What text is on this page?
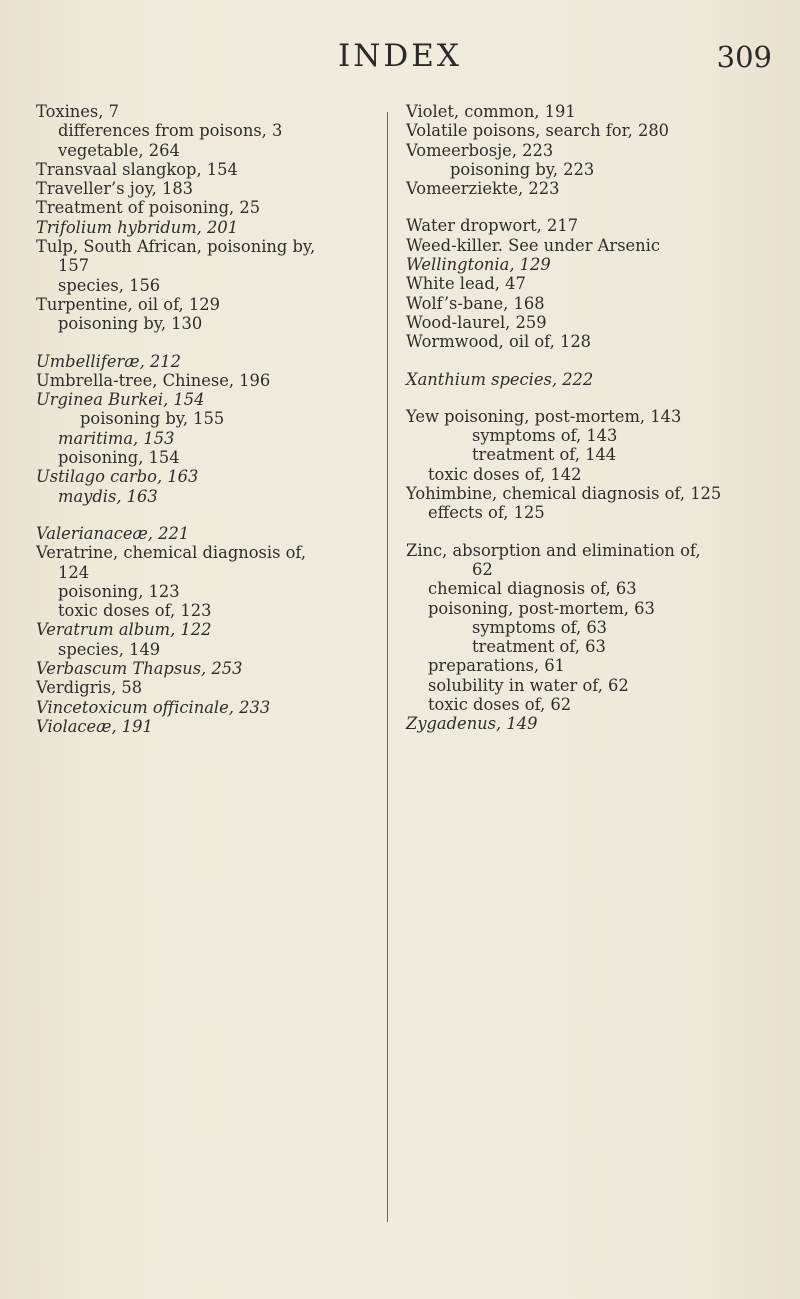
INDEX	309
Toxines, 7
differences from poisons, 3
vegetable, 264
Transvaal slangkop, 154
Traveller’s joy, 183
Treatment of poisoning, 25
Trifolium hybridum, 201
Tulp, South African, poisoning by,
157
species, 156
Turpentine, oil of, 129
poisoning by, 130
Umbelliferæ, 212
Umbrella-tree, Chinese, 196
Urginea Burkei, 154
poisoning by, 155
maritima, 153
poisoning, 154
Ustilago carbo, 163
maydis, 163
Valerianaceæ, 221
Veratrine, chemical diagnosis of,
124
poisoning, 123
toxic doses of, 123
Veratrum album, 122
species, 149
Verbascum Thapsus, 253
Verdigris, 58
Vincetoxicum officinale, 233
Violaceæ, 191
Violet, common, 191
Volatile poisons, search for, 280
Vomeerbosje, 223
poisoning by, 223
Vomeerziekte, 223
Water dropwort, 217
Weed-killer. See under Arsenic
Wellingtonia, 129
White lead, 47
Wolf’s-bane, 168
Wood-laurel, 259
Wormwood, oil of, 128
Xanthium species, 222
Yew poisoning, post-mortem, 143
symptoms of, 143
treatment of, 144
toxic doses of, 142
Yohimbine, chemical diagnosis of, 125
effects of, 125
Zinc, absorption and elimination of,
62
chemical diagnosis of, 63
poisoning, post-mortem, 63
symptoms of, 63
treatment of, 63
preparations, 61
solubility in water of, 62
toxic doses of, 62
Zygadenus, 149
